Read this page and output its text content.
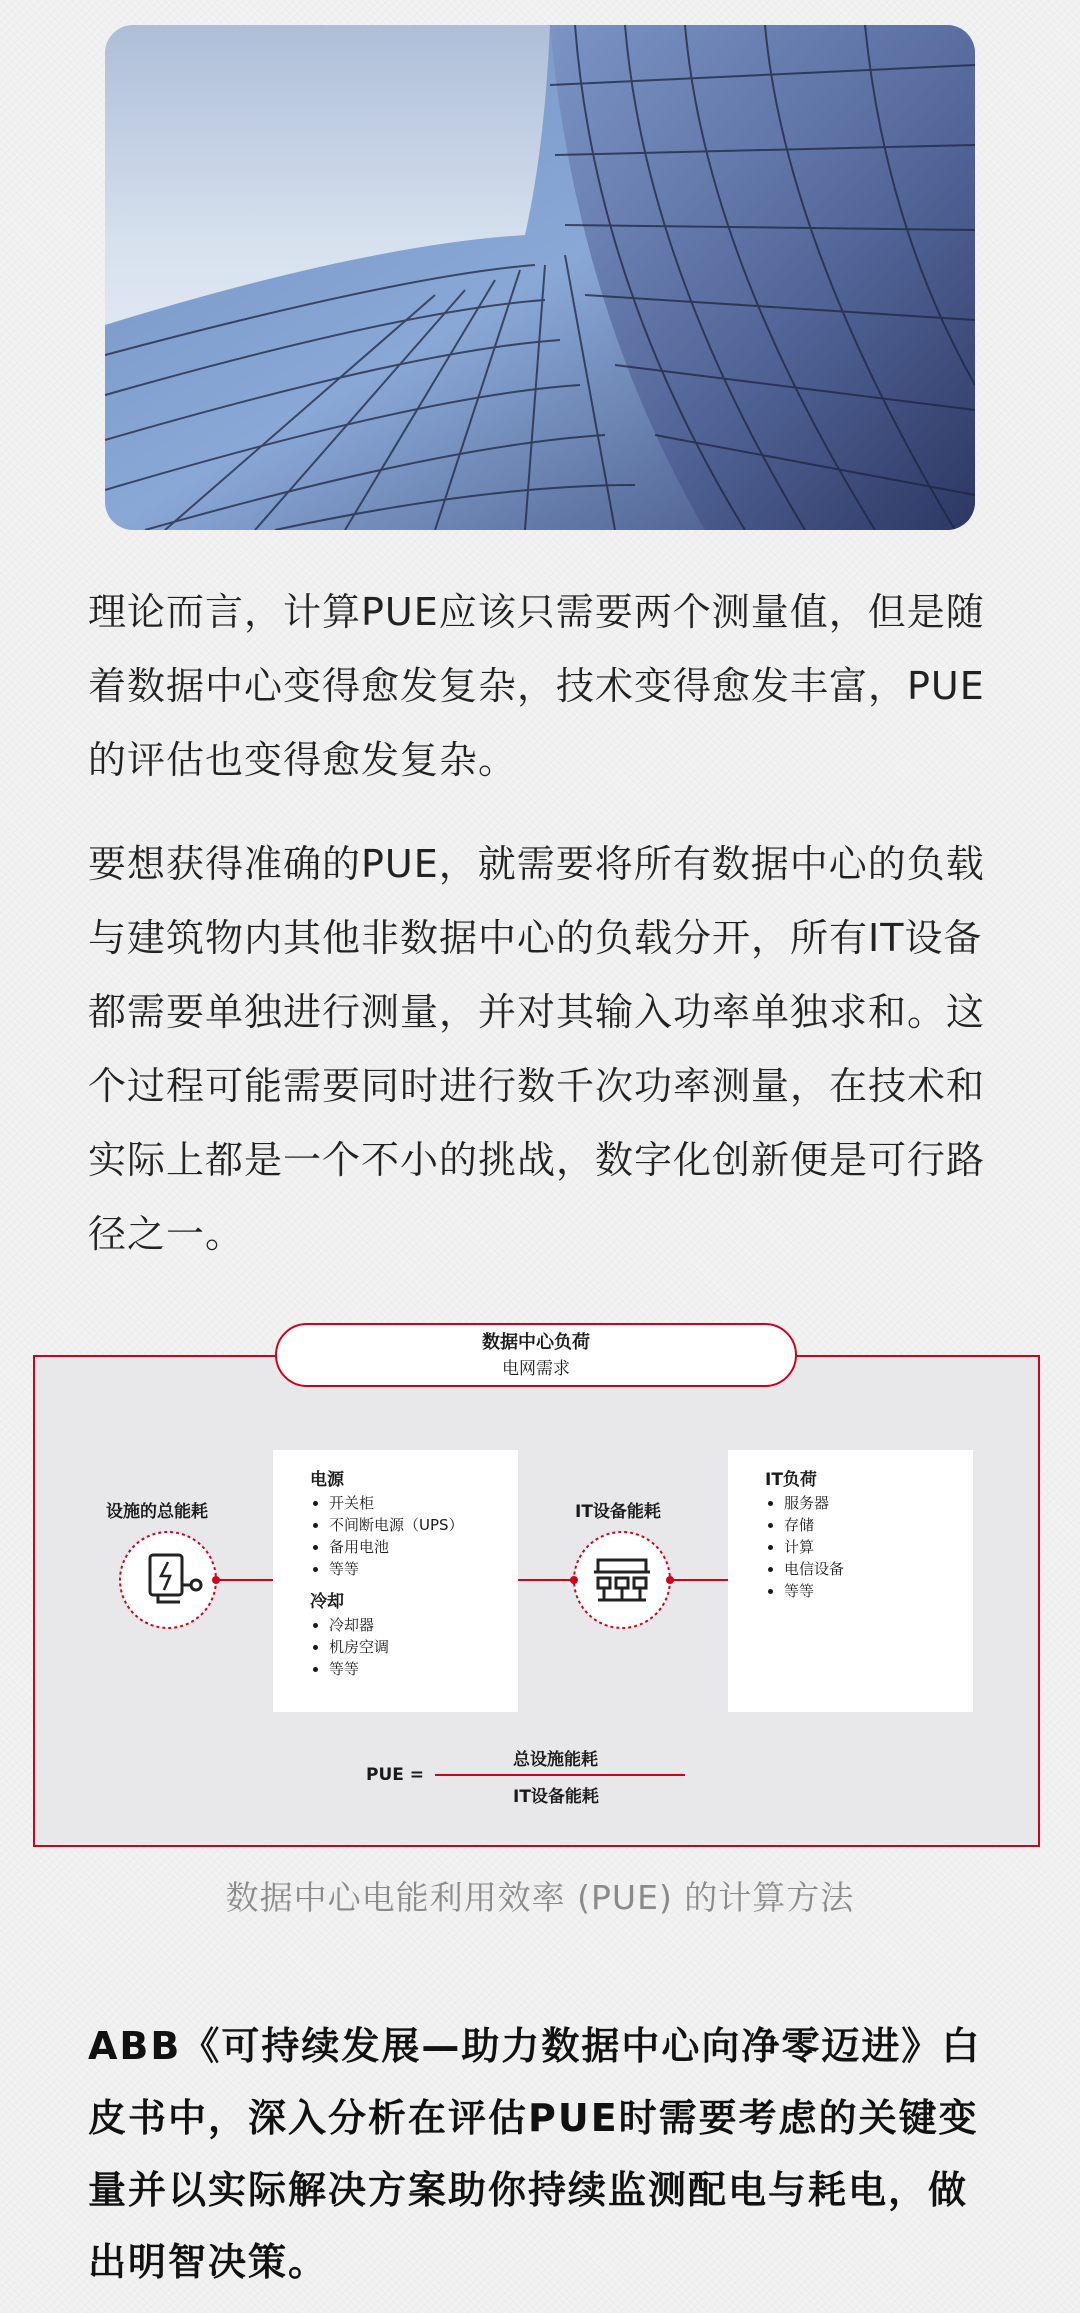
理论而言，计算PUE应该只需要两个测量值，但是随着数据中心变得愈发复杂，技术变得愈发丰富，PUE的评估也变得愈发复杂。

要想获得准确的PUE，就需要将所有数据中心的负载与建筑物内其他非数据中心的负载分开，所有IT设备都需要单独进行测量，并对其输入功率单独求和。这个过程可能需要同时进行数千次功率测量，在技术和实际上都是一个不小的挑战，数字化创新便是可行路径之一。

数据中心负荷
电网需求
设施的总能耗
电源
• 开关柜
• 不间断电源（UPS）
• 备用电池
• 等等
冷却
• 冷却器
• 机房空调
• 等等
IT设备能耗
IT负荷
• 服务器
• 存储
• 计算
• 电信设备
• 等等
PUE =
总设施能耗
IT设备能耗
数据中心电能利用效率 (PUE) 的计算方法

ABB《可持续发展—助力数据中心向净零迈进》白皮书中，深入分析在评估PUE时需要考虑的关键变量并以实际解决方案助你持续监测配电与耗电，做出明智决策。
